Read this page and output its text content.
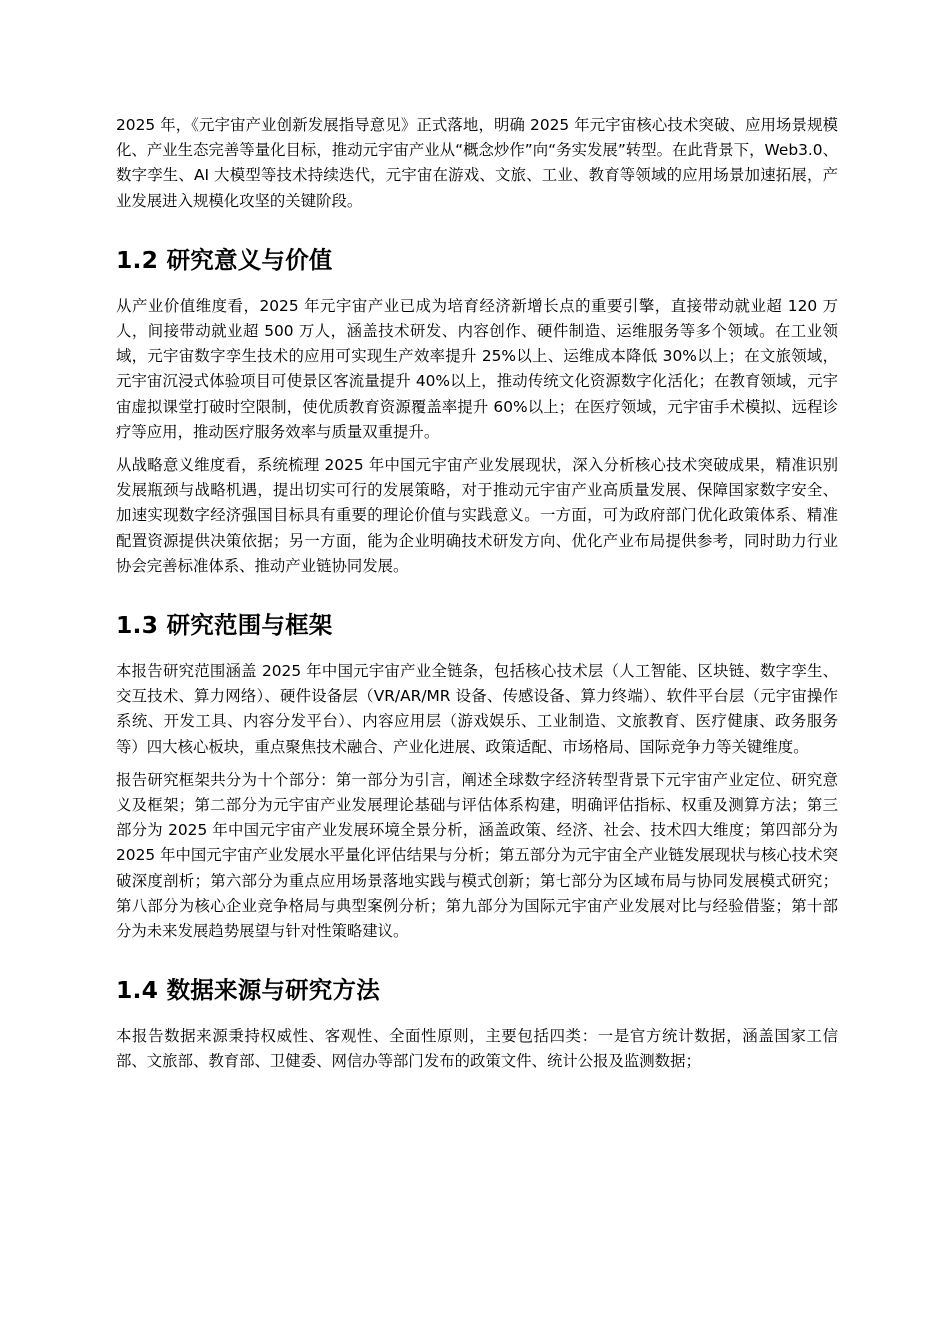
2025 年，《元宇宙产业创新发展指导意见》正式落地，明确 2025 年元宇宙核心技术突破、应用场景规模化、产业生态完善等量化目标，推动元宇宙产业从“概念炒作”向“务实发展”转型。在此背景下，Web3.0、数字孪生、AI 大模型等技术持续迭代，元宇宙在游戏、文旅、工业、教育等领域的应用场景加速拓展，产业发展进入规模化攻坚的关键阶段。

1.2 研究意义与价值

从产业价值维度看，2025 年元宇宙产业已成为培育经济新增长点的重要引擎，直接带动就业超 120 万人，间接带动就业超 500 万人，涵盖技术研发、内容创作、硬件制造、运维服务等多个领域。在工业领域，元宇宙数字孪生技术的应用可实现生产效率提升 25%以上、运维成本降低 30%以上；在文旅领域，元宇宙沉浸式体验项目可使景区客流量提升 40%以上，推动传统文化资源数字化活化；在教育领域，元宇宙虚拟课堂打破时空限制，使优质教育资源覆盖率提升 60%以上；在医疗领域，元宇宙手术模拟、远程诊疗等应用，推动医疗服务效率与质量双重提升。

从战略意义维度看，系统梳理 2025 年中国元宇宙产业发展现状，深入分析核心技术突破成果，精准识别发展瓶颈与战略机遇，提出切实可行的发展策略，对于推动元宇宙产业高质量发展、保障国家数字安全、加速实现数字经济强国目标具有重要的理论价值与实践意义。一方面，可为政府部门优化政策体系、精准配置资源提供决策依据；另一方面，能为企业明确技术研发方向、优化产业布局提供参考，同时助力行业协会完善标准体系、推动产业链协同发展。

1.3 研究范围与框架

本报告研究范围涵盖 2025 年中国元宇宙产业全链条，包括核心技术层（人工智能、区块链、数字孪生、交互技术、算力网络）、硬件设备层（VR/AR/MR 设备、传感设备、算力终端）、软件平台层（元宇宙操作系统、开发工具、内容分发平台）、内容应用层（游戏娱乐、工业制造、文旅教育、医疗健康、政务服务等）四大核心板块，重点聚焦技术融合、产业化进展、政策适配、市场格局、国际竞争力等关键维度。

报告研究框架共分为十个部分：第一部分为引言，阐述全球数字经济转型背景下元宇宙产业定位、研究意义及框架；第二部分为元宇宙产业发展理论基础与评估体系构建，明确评估指标、权重及测算方法；第三部分为 2025 年中国元宇宙产业发展环境全景分析，涵盖政策、经济、社会、技术四大维度；第四部分为 2025 年中国元宇宙产业发展水平量化评估结果与分析；第五部分为元宇宙全产业链发展现状与核心技术突破深度剖析；第六部分为重点应用场景落地实践与模式创新；第七部分为区域布局与协同发展模式研究；第八部分为核心企业竞争格局与典型案例分析；第九部分为国际元宇宙产业发展对比与经验借鉴；第十部分为未来发展趋势展望与针对性策略建议。

1.4 数据来源与研究方法

本报告数据来源秉持权威性、客观性、全面性原则，主要包括四类：一是官方统计数据，涵盖国家工信部、文旅部、教育部、卫健委、网信办等部门发布的政策文件、统计公报及监测数据；
